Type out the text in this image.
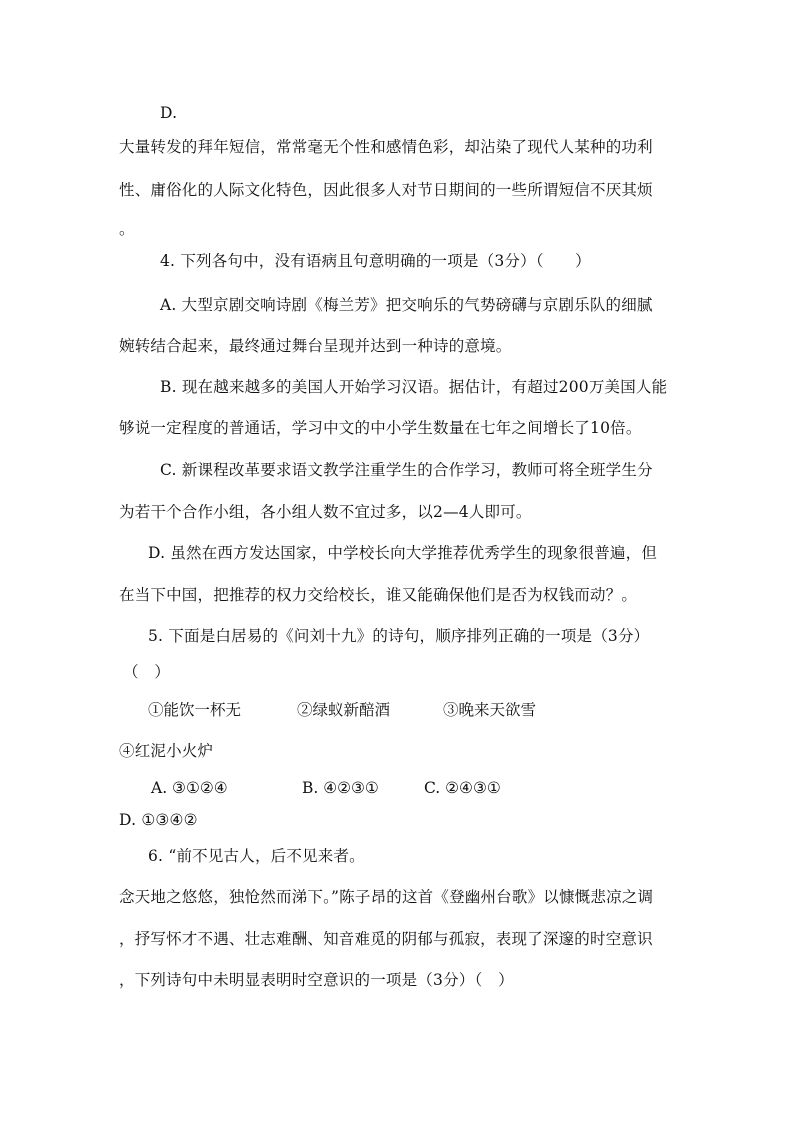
D.
大量转发的拜年短信，常常毫无个性和感情色彩，却沾染了现代人某种的功利
性、庸俗化的人际文化特色，因此很多人对节日期间的一些所谓短信不厌其烦
。
4. 下列各句中，没有语病且句意明确的一项是（3分）（　　）
A. 大型京剧交响诗剧《梅兰芳》把交响乐的气势磅礴与京剧乐队的细腻
婉转结合起来，最终通过舞台呈现并达到一种诗的意境。
B. 现在越来越多的美国人开始学习汉语。据估计，有超过200万美国人能
够说一定程度的普通话，学习中文的中小学生数量在七年之间增长了10倍。
C. 新课程改革要求语文教学注重学生的合作学习，教师可将全班学生分
为若干个合作小组，各小组人数不宜过多，以2—4人即可。
D. 虽然在西方发达国家，中学校长向大学推荐优秀学生的现象很普遍，但
在当下中国，把推荐的权力交给校长，谁又能确保他们是否为权钱而动？。
5. 下面是白居易的《问刘十九》的诗句，顺序排列正确的一项是（3分）
（　）
①能饮一杯无	②绿蚁新醅酒	③晚来天欲雪
④红泥小火炉
A. ③①②④	B. ④②③①	C. ②④③①
D. ①③④②
6. “前不见古人，后不见来者。
念天地之悠悠，独怆然而涕下。”陈子昂的这首《登幽州台歌》以慷慨悲凉之调
，抒写怀才不遇、壮志难酬、知音难觅的阴郁与孤寂，表现了深邃的时空意识
，下列诗句中未明显表明时空意识的一项是（3分）（　）
